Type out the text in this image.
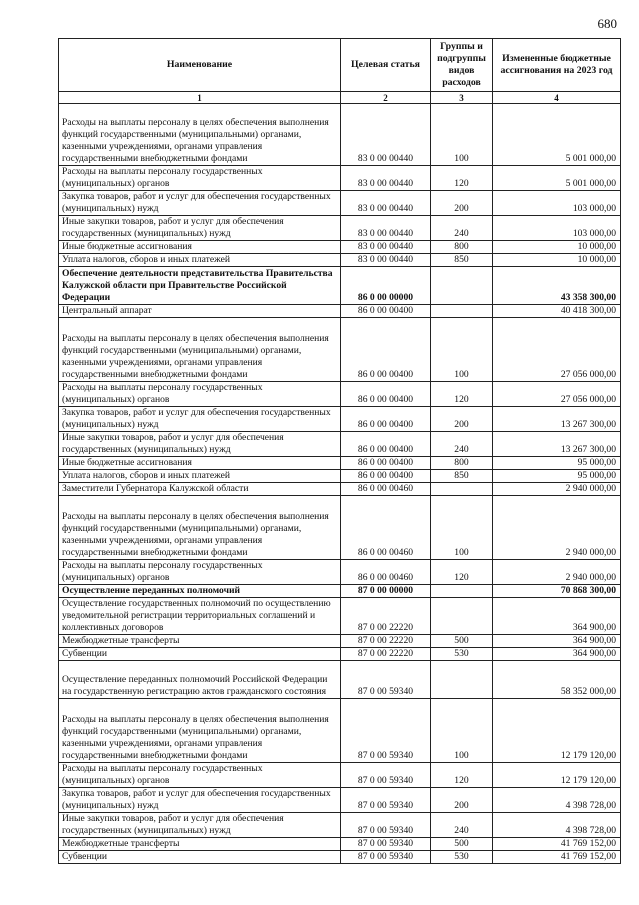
680
Наименование	Целевая статья	Группы и подгруппы видов расходов	Измененные бюджетные ассигнования на 2023 год
1	2	3	4
Расходы на выплаты персоналу в целях обеспечения выполнения функций государственными (муниципальными) органами, казенными учреждениями, органами управления государственными внебюджетными фондами	83 0 00 00440	100	5 001 000,00
Расходы на выплаты персоналу государственных (муниципальных) органов	83 0 00 00440	120	5 001 000,00
Закупка товаров, работ и услуг для обеспечения государственных (муниципальных) нужд	83 0 00 00440	200	103 000,00
Иные закупки товаров, работ и услуг для обеспечения государственных (муниципальных) нужд	83 0 00 00440	240	103 000,00
Иные бюджетные ассигнования	83 0 00 00440	800	10 000,00
Уплата налогов, сборов и иных платежей	83 0 00 00440	850	10 000,00
Обеспечение деятельности представительства Правительства Калужской области при Правительстве Российской Федерации	86 0 00 00000		43 358 300,00
Центральный аппарат	86 0 00 00400		40 418 300,00
Расходы на выплаты персоналу в целях обеспечения выполнения функций государственными (муниципальными) органами, казенными учреждениями, органами управления государственными внебюджетными фондами	86 0 00 00400	100	27 056 000,00
Расходы на выплаты персоналу государственных (муниципальных) органов	86 0 00 00400	120	27 056 000,00
Закупка товаров, работ и услуг для обеспечения государственных (муниципальных) нужд	86 0 00 00400	200	13 267 300,00
Иные закупки товаров, работ и услуг для обеспечения государственных (муниципальных) нужд	86 0 00 00400	240	13 267 300,00
Иные бюджетные ассигнования	86 0 00 00400	800	95 000,00
Уплата налогов, сборов и иных платежей	86 0 00 00400	850	95 000,00
Заместители Губернатора Калужской области	86 0 00 00460		2 940 000,00
Расходы на выплаты персоналу в целях обеспечения выполнения функций государственными (муниципальными) органами, казенными учреждениями, органами управления государственными внебюджетными фондами	86 0 00 00460	100	2 940 000,00
Расходы на выплаты персоналу государственных (муниципальных) органов	86 0 00 00460	120	2 940 000,00
Осуществление переданных полномочий	87 0 00 00000		70 868 300,00
Осуществление государственных полномочий по осуществлению уведомительной регистрации территориальных соглашений и коллективных договоров	87 0 00 22220		364 900,00
Межбюджетные трансферты	87 0 00 22220	500	364 900,00
Субвенции	87 0 00 22220	530	364 900,00
Осуществление переданных полномочий Российской Федерации на государственную регистрацию актов гражданского состояния	87 0 00 59340		58 352 000,00
Расходы на выплаты персоналу в целях обеспечения выполнения функций государственными (муниципальными) органами, казенными учреждениями, органами управления государственными внебюджетными фондами	87 0 00 59340	100	12 179 120,00
Расходы на выплаты персоналу государственных (муниципальных) органов	87 0 00 59340	120	12 179 120,00
Закупка товаров, работ и услуг для обеспечения государственных (муниципальных) нужд	87 0 00 59340	200	4 398 728,00
Иные закупки товаров, работ и услуг для обеспечения государственных (муниципальных) нужд	87 0 00 59340	240	4 398 728,00
Межбюджетные трансферты	87 0 00 59340	500	41 769 152,00
Субвенции	87 0 00 59340	530	41 769 152,00
